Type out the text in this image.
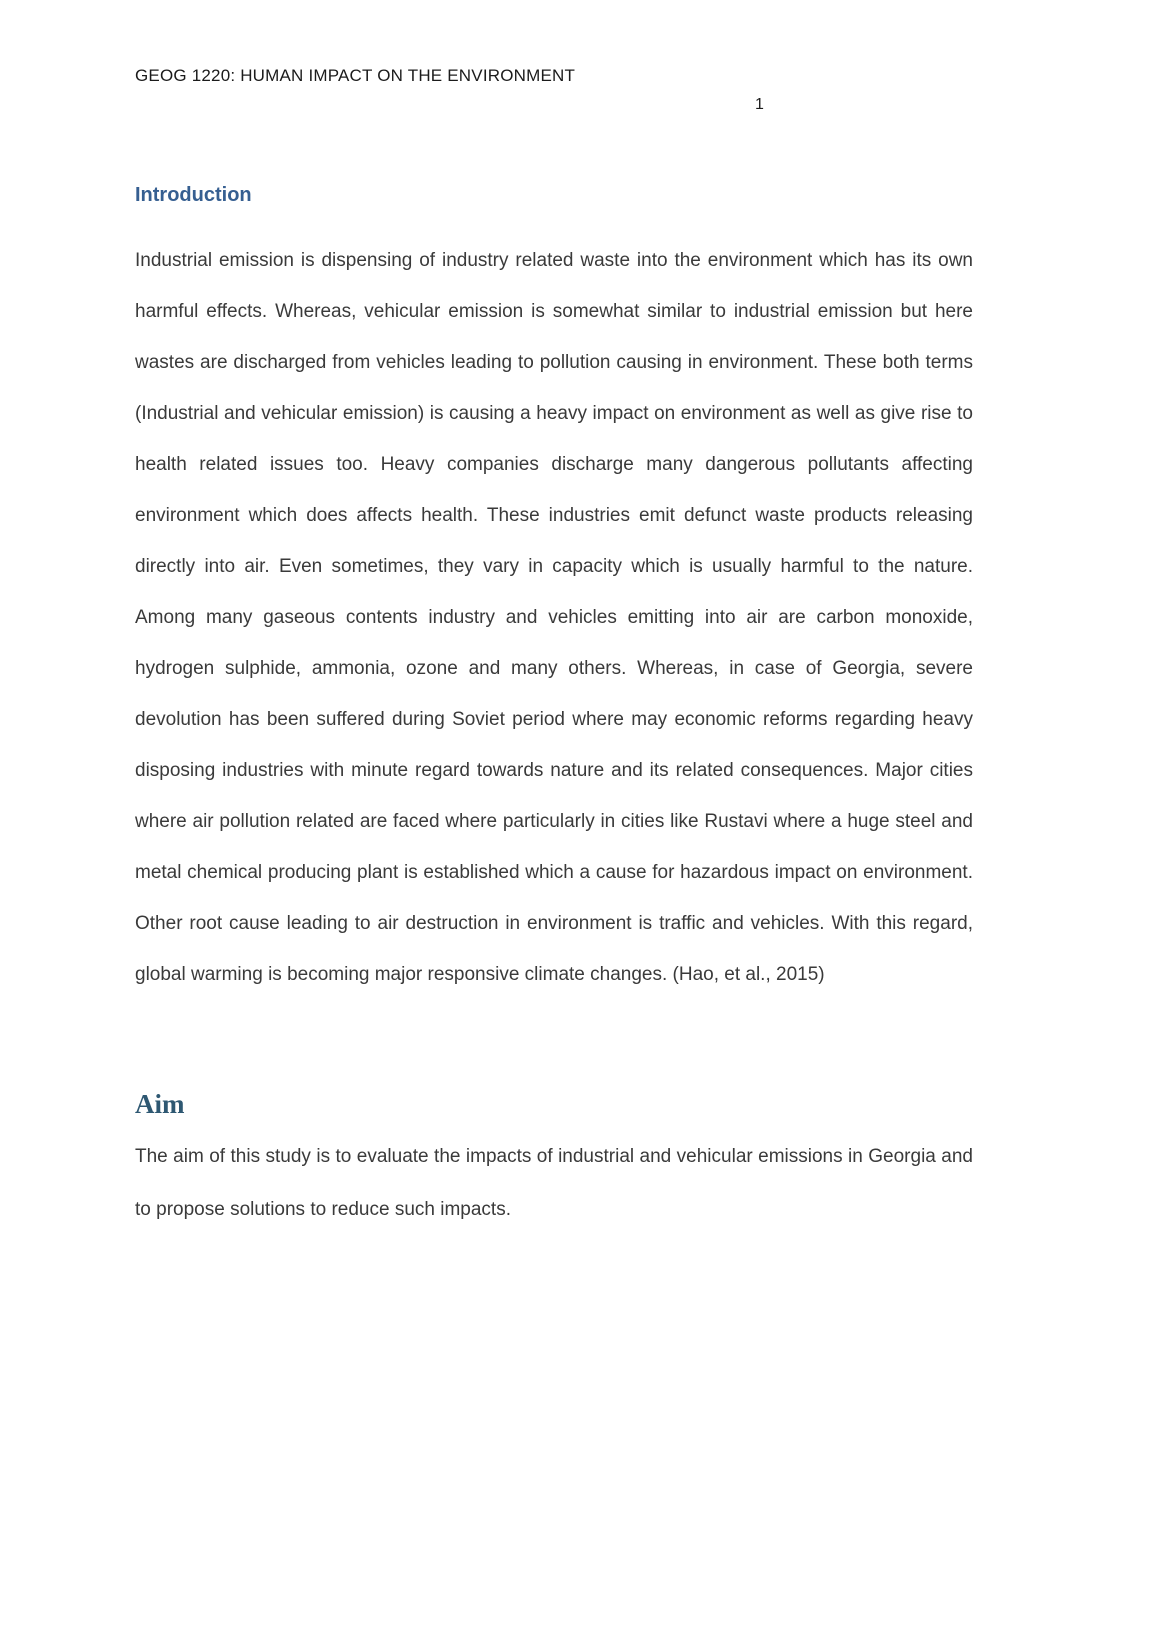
GEOG 1220: HUMAN IMPACT ON THE ENVIRONMENT
1
Introduction

Industrial emission is dispensing of industry related waste into the environment which has its own harmful effects. Whereas, vehicular emission is somewhat similar to industrial emission but here wastes are discharged from vehicles leading to pollution causing in environment. These both terms (Industrial and vehicular emission) is causing a heavy impact on environment as well as give rise to health related issues too. Heavy companies discharge many dangerous pollutants affecting environment which does affects health. These industries emit defunct waste products releasing directly into air. Even sometimes, they vary in capacity which is usually harmful to the nature. Among many gaseous contents industry and vehicles emitting into air are carbon monoxide, hydrogen sulphide, ammonia, ozone and many others. Whereas, in case of Georgia, severe devolution has been suffered during Soviet period where may economic reforms regarding heavy disposing industries with minute regard towards nature and its related consequences. Major cities where air pollution related are faced where particularly in cities like Rustavi where a huge steel and metal chemical producing plant is established which a cause for hazardous impact on environment. Other root cause leading to air destruction in environment is traffic and vehicles. With this regard, global warming is becoming major responsive climate changes. (Hao, et al., 2015)

Aim

The aim of this study is to evaluate the impacts of industrial and vehicular emissions in Georgia and to propose solutions to reduce such impacts.
